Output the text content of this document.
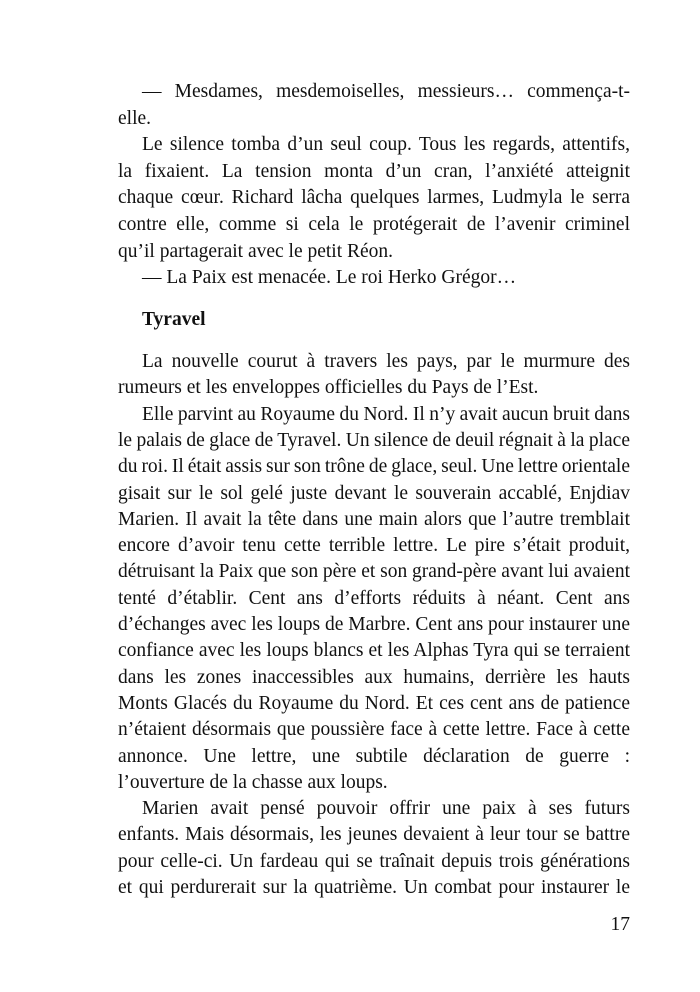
— Mesdames, mesdemoiselles, messieurs… commença-t-
elle.
Le silence tomba d’un seul coup. Tous les regards, attentifs,
la fixaient. La tension monta d’un cran, l’anxiété atteignit
chaque cœur. Richard lâcha quelques larmes, Ludmyla le serra
contre elle, comme si cela le protégerait de l’avenir criminel
qu’il partagerait avec le petit Réon.
— La Paix est menacée. Le roi Herko Grégor…
Tyravel
La nouvelle courut à travers les pays, par le murmure des
rumeurs et les enveloppes officielles du Pays de l’Est.
Elle parvint au Royaume du Nord. Il n’y avait aucun bruit dans
le palais de glace de Tyravel. Un silence de deuil régnait à la place
du roi. Il était assis sur son trône de glace, seul. Une lettre orientale
gisait sur le sol gelé juste devant le souverain accablé, Enjdiav
Marien. Il avait la tête dans une main alors que l’autre tremblait
encore d’avoir tenu cette terrible lettre. Le pire s’était produit,
détruisant la Paix que son père et son grand-père avant lui avaient
tenté d’établir. Cent ans d’efforts réduits à néant. Cent ans
d’échanges avec les loups de Marbre. Cent ans pour instaurer une
confiance avec les loups blancs et les Alphas Tyra qui se terraient
dans les zones inaccessibles aux humains, derrière les hauts
Monts Glacés du Royaume du Nord. Et ces cent ans de patience
n’étaient désormais que poussière face à cette lettre. Face à cette
annonce. Une lettre, une subtile déclaration de guerre :
l’ouverture de la chasse aux loups.
Marien avait pensé pouvoir offrir une paix à ses futurs
enfants. Mais désormais, les jeunes devaient à leur tour se battre
pour celle-ci. Un fardeau qui se traînait depuis trois générations
et qui perdurerait sur la quatrième. Un combat pour instaurer le
17
